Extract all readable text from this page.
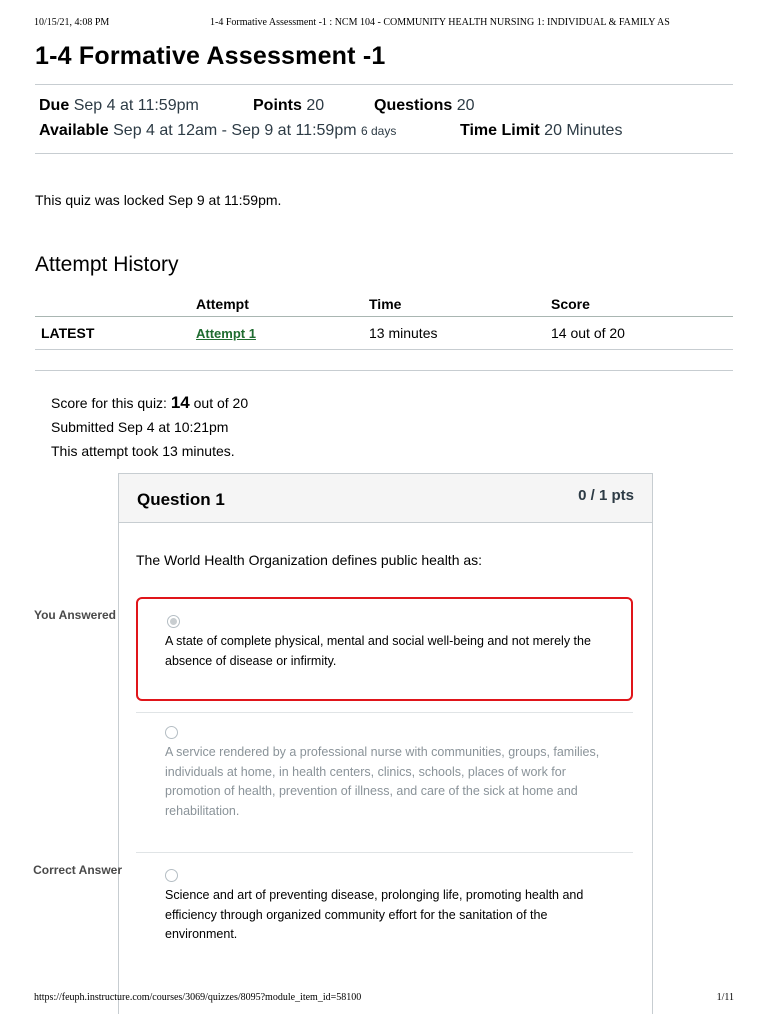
10/15/21, 4:08 PM	1-4 Formative Assessment -1 : NCM 104 - COMMUNITY HEALTH NURSING 1: INDIVIDUAL & FAMILY AS
1-4 Formative Assessment -1
Due Sep 4 at 11:59pm	Points 20	Questions 20
Available Sep 4 at 12am - Sep 9 at 11:59pm 6 days	Time Limit 20 Minutes
This quiz was locked Sep 9 at 11:59pm.
Attempt History
	Attempt	Time	Score
LATEST	Attempt 1	13 minutes	14 out of 20
Score for this quiz: 14 out of 20
Submitted Sep 4 at 10:21pm
This attempt took 13 minutes.
Question 1	0 / 1 pts
The World Health Organization defines public health as:
You Answered
A state of complete physical, mental and social well-being and not merely the absence of disease or infirmity.
A service rendered by a professional nurse with communities, groups, families, individuals at home, in health centers, clinics, schools, places of work for promotion of health, prevention of illness, and care of the sick at home and rehabilitation.
Correct Answer
Science and art of preventing disease, prolonging life, promoting health and efficiency through organized community effort for the sanitation of the environment.
https://feuph.instructure.com/courses/3069/quizzes/8095?module_item_id=58100	1/11
